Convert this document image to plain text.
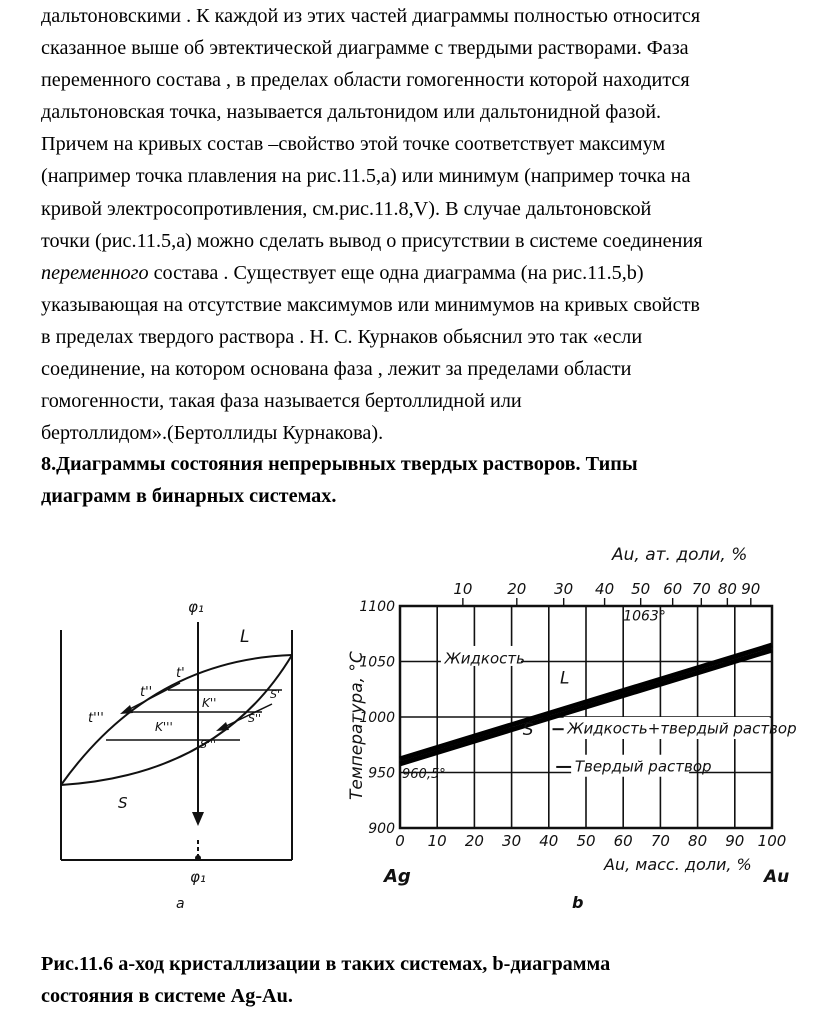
дальтоновскими . К каждой из этих частей диаграммы полностью относится
сказанное выше об эвтектической диаграмме с твердыми растворами. Фаза
переменного состава , в пределах области гомогенности которой находится
дальтоновская точка, называется дальтонидом или дальтонидной фазой.
Причем на кривых состав –свойство этой точке соответствует максимум
(например точка плавления на рис.11.5,а) или минимум (например точка на
кривой электросопротивления, см.рис.11.8,V). В случае дальтоновской
точки (рис.11.5,а) можно сделать вывод о присутствии в системе соединения
переменного состава . Существует еще одна диаграмма (на рис.11.5,b)
указывающая на отсутствие максимумов или минимумов на кривых свойств
в пределах твердого раствора . Н. С. Курнаков обьяснил это так «если
соединение, на котором основана фаза , лежит за пределами области
гомогенности, такая фаза называется бертоллидной или
бертоллидом».(Бертоллиды Курнакова).
8.Диаграммы состояния непрерывных твердых растворов. Типы
диаграмм в бинарных системах.
φ₁
L
S
t'
t''
t'''
K''
K'''
S'
S''
S'''
φ₁
а
0 10 20 30 40 50 60 70 80 90 100
900
950
1000
1050
1100
10 20 30 40 50 60 70 80 90
1063°
960,5°
Жидкость
L
Жидкость+твердый раствор
S
Твердый раствор
Au, ат. доли, %
Температура, °С
Au, масс. доли, %
Ag	Au
b
Рис.11.6 а-ход кристаллизации в таких системах, b-диаграмма
состояния в системе Ag-Au.
